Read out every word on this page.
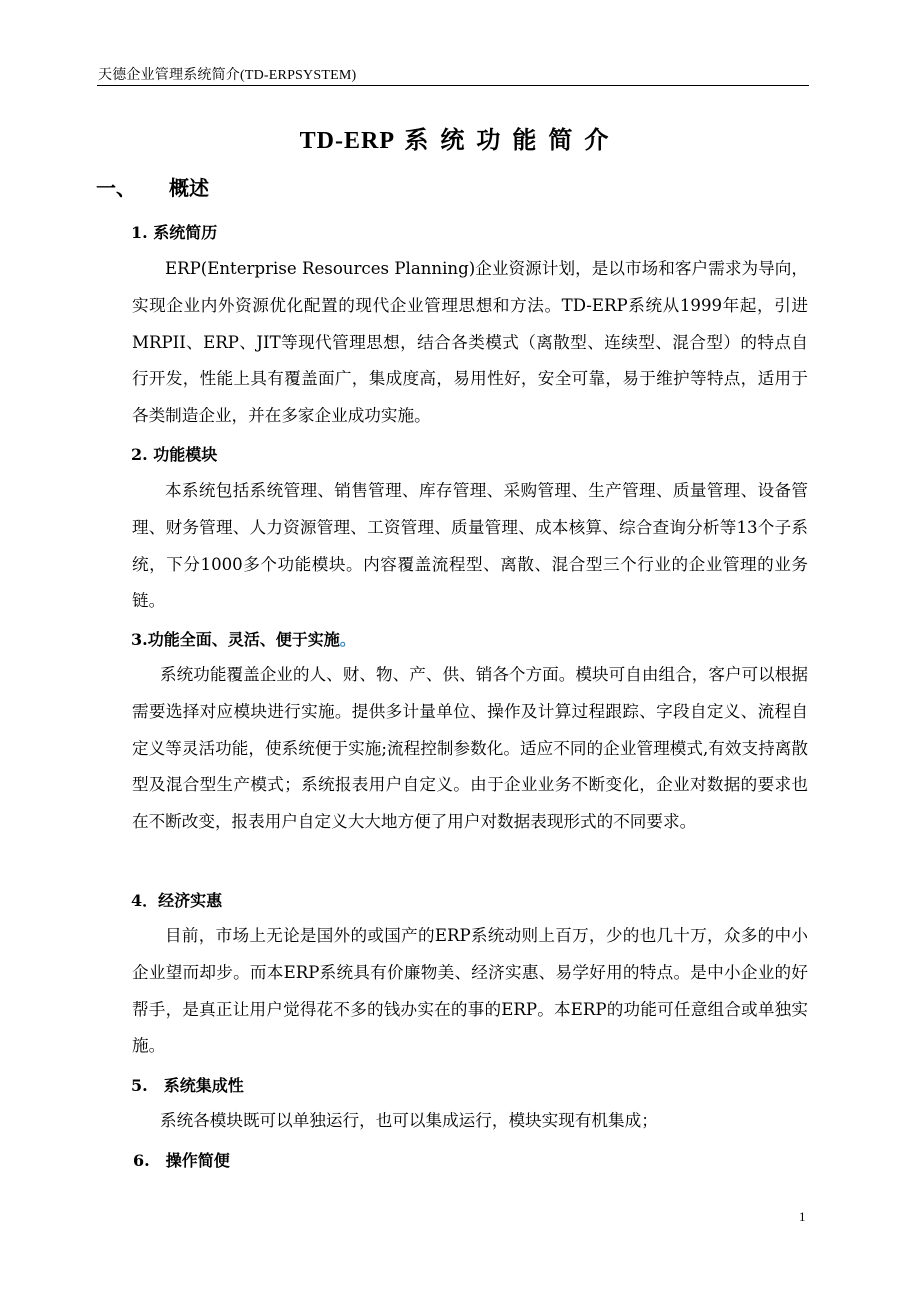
天德企业管理系统简介(TD-ERPSYSTEM)
TD-ERP 系统功能简介
一、 概述
1. 系统简历
ERP(Enterprise Resources Planning)企业资源计划，是以市场和客户需求为导向，实现企业内外资源优化配置的现代企业管理思想和方法。TD-ERP系统从1999年起，引进MRPII、ERP、JIT等现代管理思想，结合各类模式（离散型、连续型、混合型）的特点自行开发，性能上具有覆盖面广，集成度高，易用性好，安全可靠，易于维护等特点，适用于各类制造企业，并在多家企业成功实施。
2. 功能模块
本系统包括系统管理、销售管理、库存管理、采购管理、生产管理、质量管理、设备管理、财务管理、人力资源管理、工资管理、质量管理、成本核算、综合查询分析等13个子系统，下分1000多个功能模块。内容覆盖流程型、离散、混合型三个行业的企业管理的业务链。
3.功能全面、灵活、便于实施。
系统功能覆盖企业的人、财、物、产、供、销各个方面。模块可自由组合，客户可以根据需要选择对应模块进行实施。提供多计量单位、操作及计算过程跟踪、字段自定义、流程自定义等灵活功能，使系统便于实施;流程控制参数化。适应不同的企业管理模式,有效支持离散型及混合型生产模式；系统报表用户自定义。由于企业业务不断变化，企业对数据的要求也在不断改变，报表用户自定义大大地方便了用户对数据表现形式的不同要求。
4．经济实惠
目前，市场上无论是国外的或国产的ERP系统动则上百万，少的也几十万，众多的中小企业望而却步。而本ERP系统具有价廉物美、经济实惠、易学好用的特点。是中小企业的好帮手，是真正让用户觉得花不多的钱办实在的事的ERP。本ERP的功能可任意组合或单独实施。
5.　系统集成性
系统各模块既可以单独运行，也可以集成运行，模块实现有机集成；
6.　操作简便
1
